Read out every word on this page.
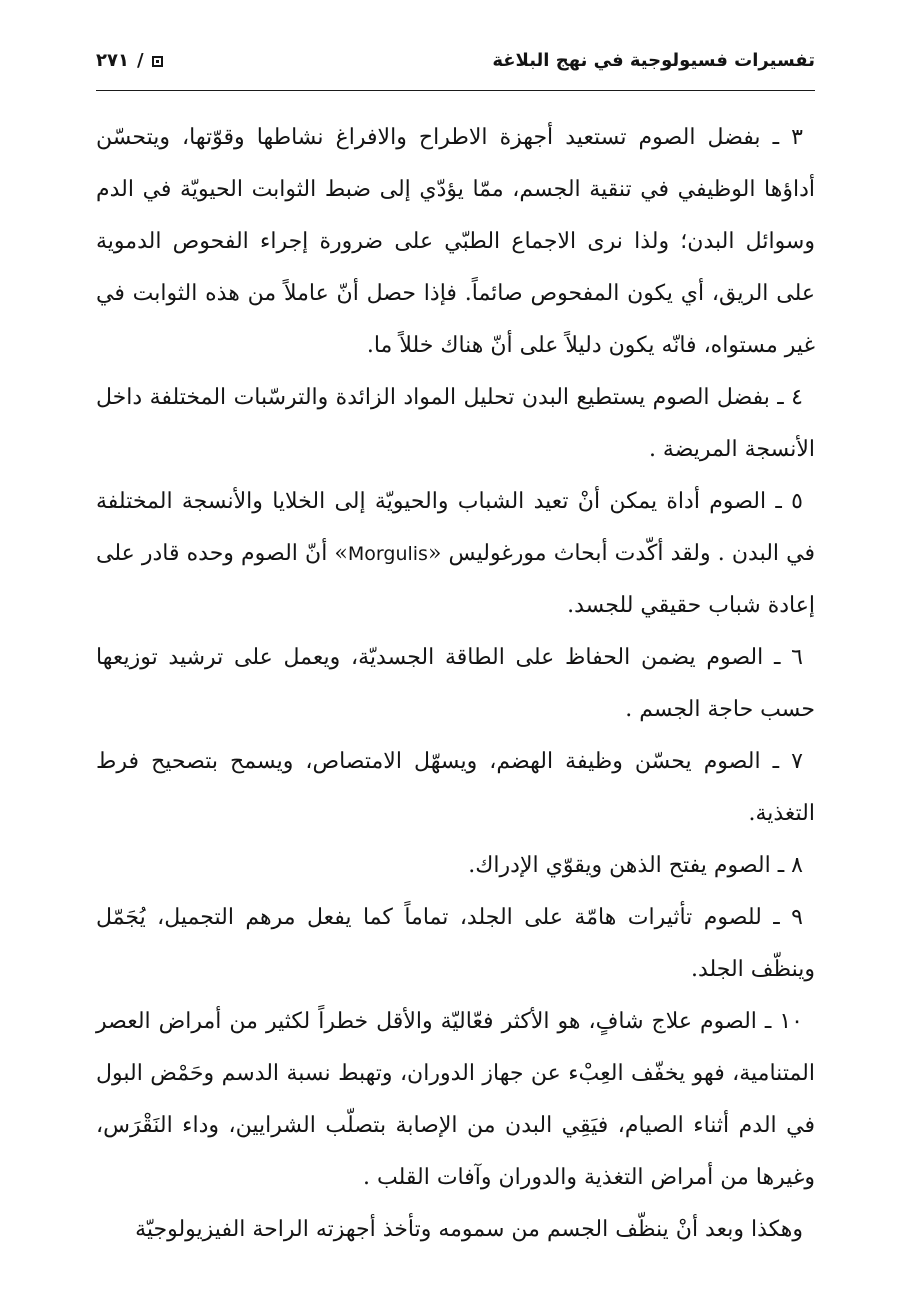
تفسيرات فسيولوجية في نهج البلاغة
٢٧١ /

٣ ـ بفضل الصوم تستعيد أجهزة الاطراح والافراغ نشاطها وقوّتها، ويتحسّن أداؤها الوظيفي في تنقية الجسم، ممّا يؤدّي إلى ضبط الثوابت الحيويّة في الدم وسوائل البدن؛ ولذا نرى الاجماع الطبّي على ضرورة إجراء الفحوص الدموية على الريق، أي يكون المفحوص صائماً. فإذا حصل أنّ عاملاً من هذه الثوابت في غير مستواه، فانّه يكون دليلاً على أنّ هناك خللاً ما.

٤ ـ بفضل الصوم يستطيع البدن تحليل المواد الزائدة والترسّبات المختلفة داخل الأنسجة المريضة .

٥ ـ الصوم أداة يمكن أنْ تعيد الشباب والحيويّة إلى الخلايا والأنسجة المختلفة في البدن . ولقد أكّدت أبحاث مورغوليس «Morgulis» أنّ الصوم وحده قادر على إعادة شباب حقيقي للجسد.

٦ ـ الصوم يضمن الحفاظ على الطاقة الجسديّة، ويعمل على ترشيد توزيعها حسب حاجة الجسم .

٧ ـ الصوم يحسّن وظيفة الهضم، ويسهّل الامتصاص، ويسمح بتصحيح فرط التغذية.

٨ ـ الصوم يفتح الذهن ويقوّي الإدراك.

٩ ـ للصوم تأثيرات هامّة على الجلد، تماماً كما يفعل مرهم التجميل، يُجَمّل وينظّف الجلد.

١٠ ـ الصوم علاج شافٍ، هو الأكثر فعّاليّة والأقل خطراً لكثير من أمراض العصر المتنامية، فهو يخفّف العِبْء عن جهاز الدوران، وتهبط نسبة الدسم وحَمْض البول في الدم أثناء الصيام، فيَقِي البدن من الإصابة بتصلّب الشرايين، وداء النَقْرَس، وغيرها من أمراض التغذية والدوران وآفات القلب .

وهكذا وبعد أنْ ينظّف الجسم من سمومه وتأخذ أجهزته الراحة الفيزيولوجيّة
